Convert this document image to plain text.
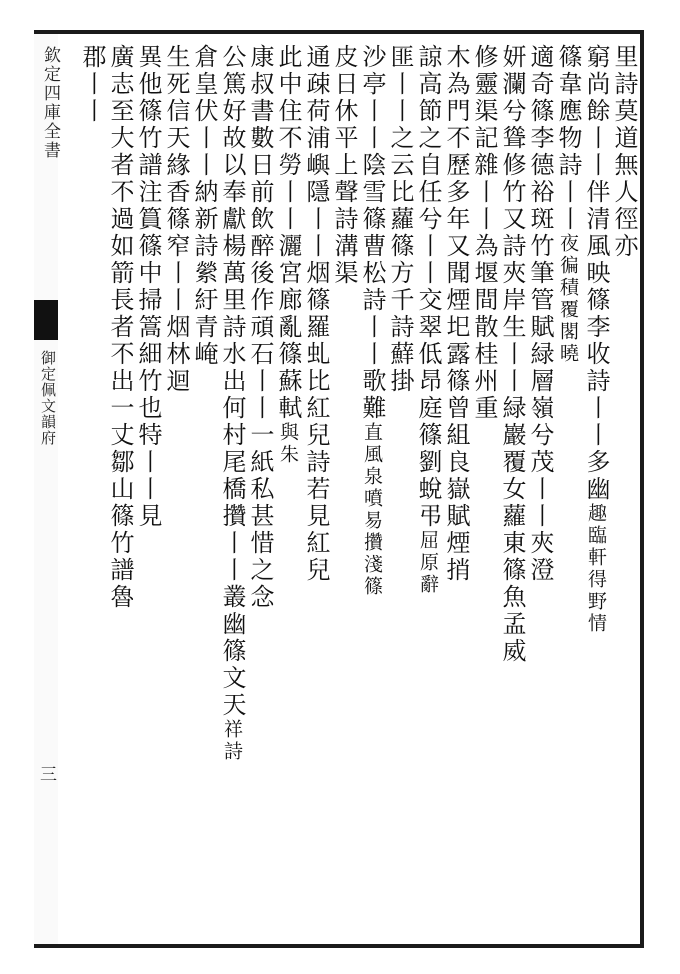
欽定四庫全書
御定佩文韻府
三
里詩莫道無人徑亦
窮尚餘丨丨伴清風映篠李收詩丨丨多幽趣臨軒得野情
篠韋應物詩丨丨夜徧積覆閣曉
適奇篠李德裕斑竹筆管賦緑層嶺兮茂丨丨夾澄
妍瀾兮聳修竹又詩夾岸生丨丨緑巖覆女蘿東篠魚孟威
修靈渠記雜丨丨為堰間散桂州重
木為門不歷多年又聞煙圯露篠曾組良嶽賦煙捎
諒高節之自任兮丨丨交翠低昂庭篠劉蛻弔屈原辭
匪丨丨之云比蘿篠方千詩蘚掛
沙亭丨丨陰雪篠曹松詩丨丨歌難直風泉噴易攢淺篠
皮日休平上聲詩溝渠
通疎荷浦嶼隱丨丨烟篠羅虬比紅兒詩若見紅兒
此中住不勞丨丨灑宮廊亂篠蘇軾與朱
康叔書數日前飲醉後作頑石丨丨一紙私甚惜之念
公篤好故以奉獻楊萬里詩水出何村尾橋攢丨丨叢幽篠文天祥詩
倉皇伏丨丨納新詩縈紆青崦
生死信天緣香篠窄丨丨烟林迴
異他篠竹譜注篔篠中掃篙細竹也特丨丨見
廣志至大者不過如箭長者不出一丈鄒山篠竹譜魯
郡丨丨
